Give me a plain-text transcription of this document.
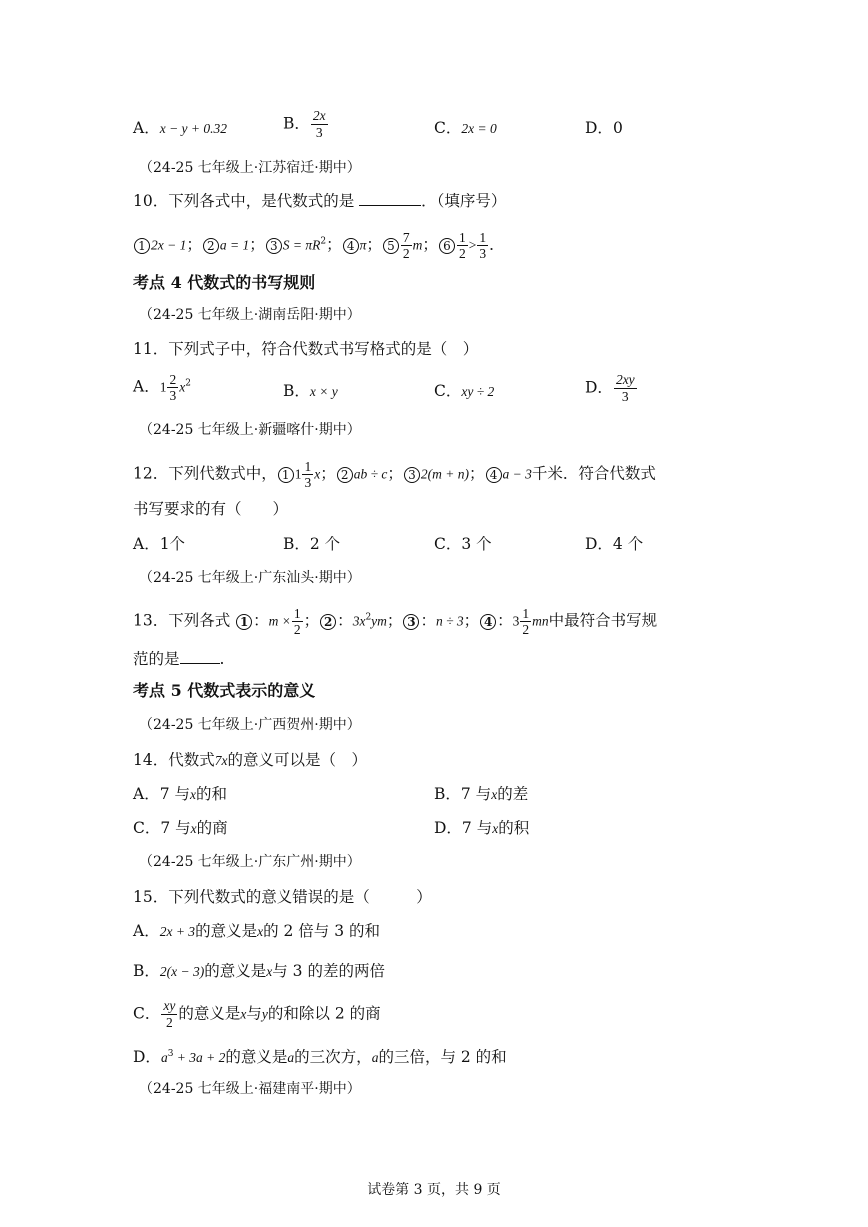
A．x − y + 0.32	B． $\frac{2x}{3}$	C．2x = 0	D．0
（24-25 七年级上·江苏宿迁·期中）
10．下列各式中，是代数式的是	．（填序号）
1 2x − 1； 2 a = 1； 3 $S = \pi R^2$； 4 π； $5 \frac{7}{2}$ m； $6 \frac{1}{2} > \frac{1}{3}$ ．
考点 4 代数式的书写规则
（24-25 七年级上·湖南岳阳·期中）
11．下列式子中，符合代数式书写格式的是（　）
A．$1 \frac{2}{3} x^2$	B．x × y	C．xy ÷ 2	D． $\frac{2xy}{3}$
（24-25 七年级上·新疆喀什·期中）
12．下列代数式中， 1 $1 \frac{1}{3}$ x； 2 ab ÷ c； 3 2(m + n)； 4 a − 3千米．符合代数式
书写要求的有（　　）
A．1个	B．2 个	C．3 个	D．4 个
（24-25 七年级上·广东汕头·期中）
13．下列各式 1 ：$m \times \frac{1}{2}$ ； 2 ：$3x^2ym$； 3 ：n ÷ 3； 4 ：$3 \frac{1}{2}$ mn中最符合书写规
范的是	.
考点 5 代数式表示的意义
（24-25 七年级上·广西贺州·期中）
14．代数式7x的意义可以是（　）
A．7 与x的和	B．7 与x的差
C．7 与x的商	D．7 与x的积
（24-25 七年级上·广东广州·期中）
15．下列代数式的意义错误的是（　　　）
A．2x + 3的意义是x的 2 倍与 3 的和
B．2(x − 3)的意义是x与 3 的差的两倍
C． $\frac{xy}{2}$ 的意义是x与y的和除以 2 的商
D．$a^3 + 3a + 2$的意义是a的三次方，a的三倍，与 2 的和
（24-25 七年级上·福建南平·期中）
试卷第 3 页，共 9 页
